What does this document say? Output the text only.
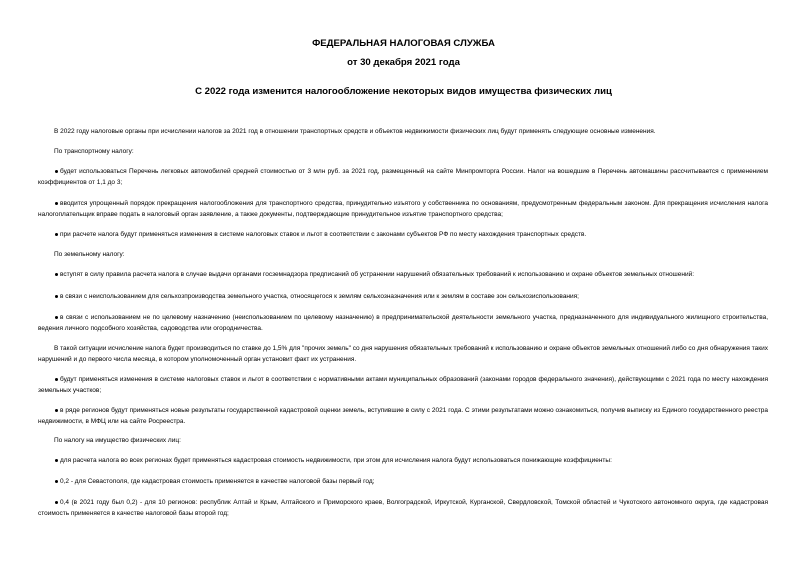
ФЕДЕРАЛЬНАЯ НАЛОГОВАЯ СЛУЖБА
от 30 декабря 2021 года
С 2022 года изменится налогообложение некоторых видов имущества физических лиц
В 2022 году налоговые органы при исчислении налогов за 2021 год в отношении транспортных средств и объектов недвижимости физических лиц будут применять следующие основные изменения.
По транспортному налогу:
будет использоваться Перечень легковых автомобилей средней стоимостью от 3 млн руб. за 2021 год, размещенный на сайте Минпромторга России. Налог на вошедшие в Перечень автомашины рассчитывается с применением коэффициентов от 1,1 до 3;
вводится упрощенный порядок прекращения налогообложения для транспортного средства, принудительно изъятого у собственника по основаниям, предусмотренным федеральным законом. Для прекращения исчисления налога налогоплательщик вправе подать в налоговый орган заявление, а также документы, подтверждающие принудительное изъятие транспортного средства;
при расчете налога будут применяться изменения в системе налоговых ставок и льгот в соответствии с законами субъектов РФ по месту нахождения транспортных средств.
По земельному налогу:
вступят в силу правила расчета налога в случае выдачи органами госземнадзора предписаний об устранении нарушений обязательных требований к использованию и охране объектов земельных отношений:
в связи с неиспользованием для сельхозпроизводства земельного участка, относящегося к землям сельхозназначения или к землям в составе зон сельхозиспользования;
в связи с использованием не по целевому назначению (неиспользованием по целевому назначению) в предпринимательской деятельности земельного участка, предназначенного для индивидуального жилищного строительства, ведения личного подсобного хозяйства, садоводства или огородничества.
В такой ситуации исчисление налога будет производиться по ставке до 1,5% для "прочих земель" со дня нарушения обязательных требований к использованию и охране объектов земельных отношений либо со дня обнаружения таких нарушений и до первого числа месяца, в котором уполномоченный орган установит факт их устранения.
будут применяться изменения в системе налоговых ставок и льгот в соответствии с нормативными актами муниципальных образований (законами городов федерального значения), действующими с 2021 года по месту нахождения земельных участков;
в ряде регионов будут применяться новые результаты государственной кадастровой оценки земель, вступившие в силу с 2021 года. С этими результатами можно ознакомиться, получив выписку из Единого государственного реестра недвижимости, в МФЦ или на сайте Росреестра.
По налогу на имущество физических лиц:
для расчета налога во всех регионах будет применяться кадастровая стоимость недвижимости, при этом для исчисления налога будут использоваться понижающие коэффициенты:
0,2 - для Севастополя, где кадастровая стоимость применяется в качестве налоговой базы первый год;
0,4 (в 2021 году был 0,2) - для 10 регионов: республик Алтай и Крым, Алтайского и Приморского краев, Волгоградской, Иркутской, Курганской, Свердловской, Томской областей и Чукотского автономного округа, где кадастровая стоимость применяется в качестве налоговой базы второй год;
